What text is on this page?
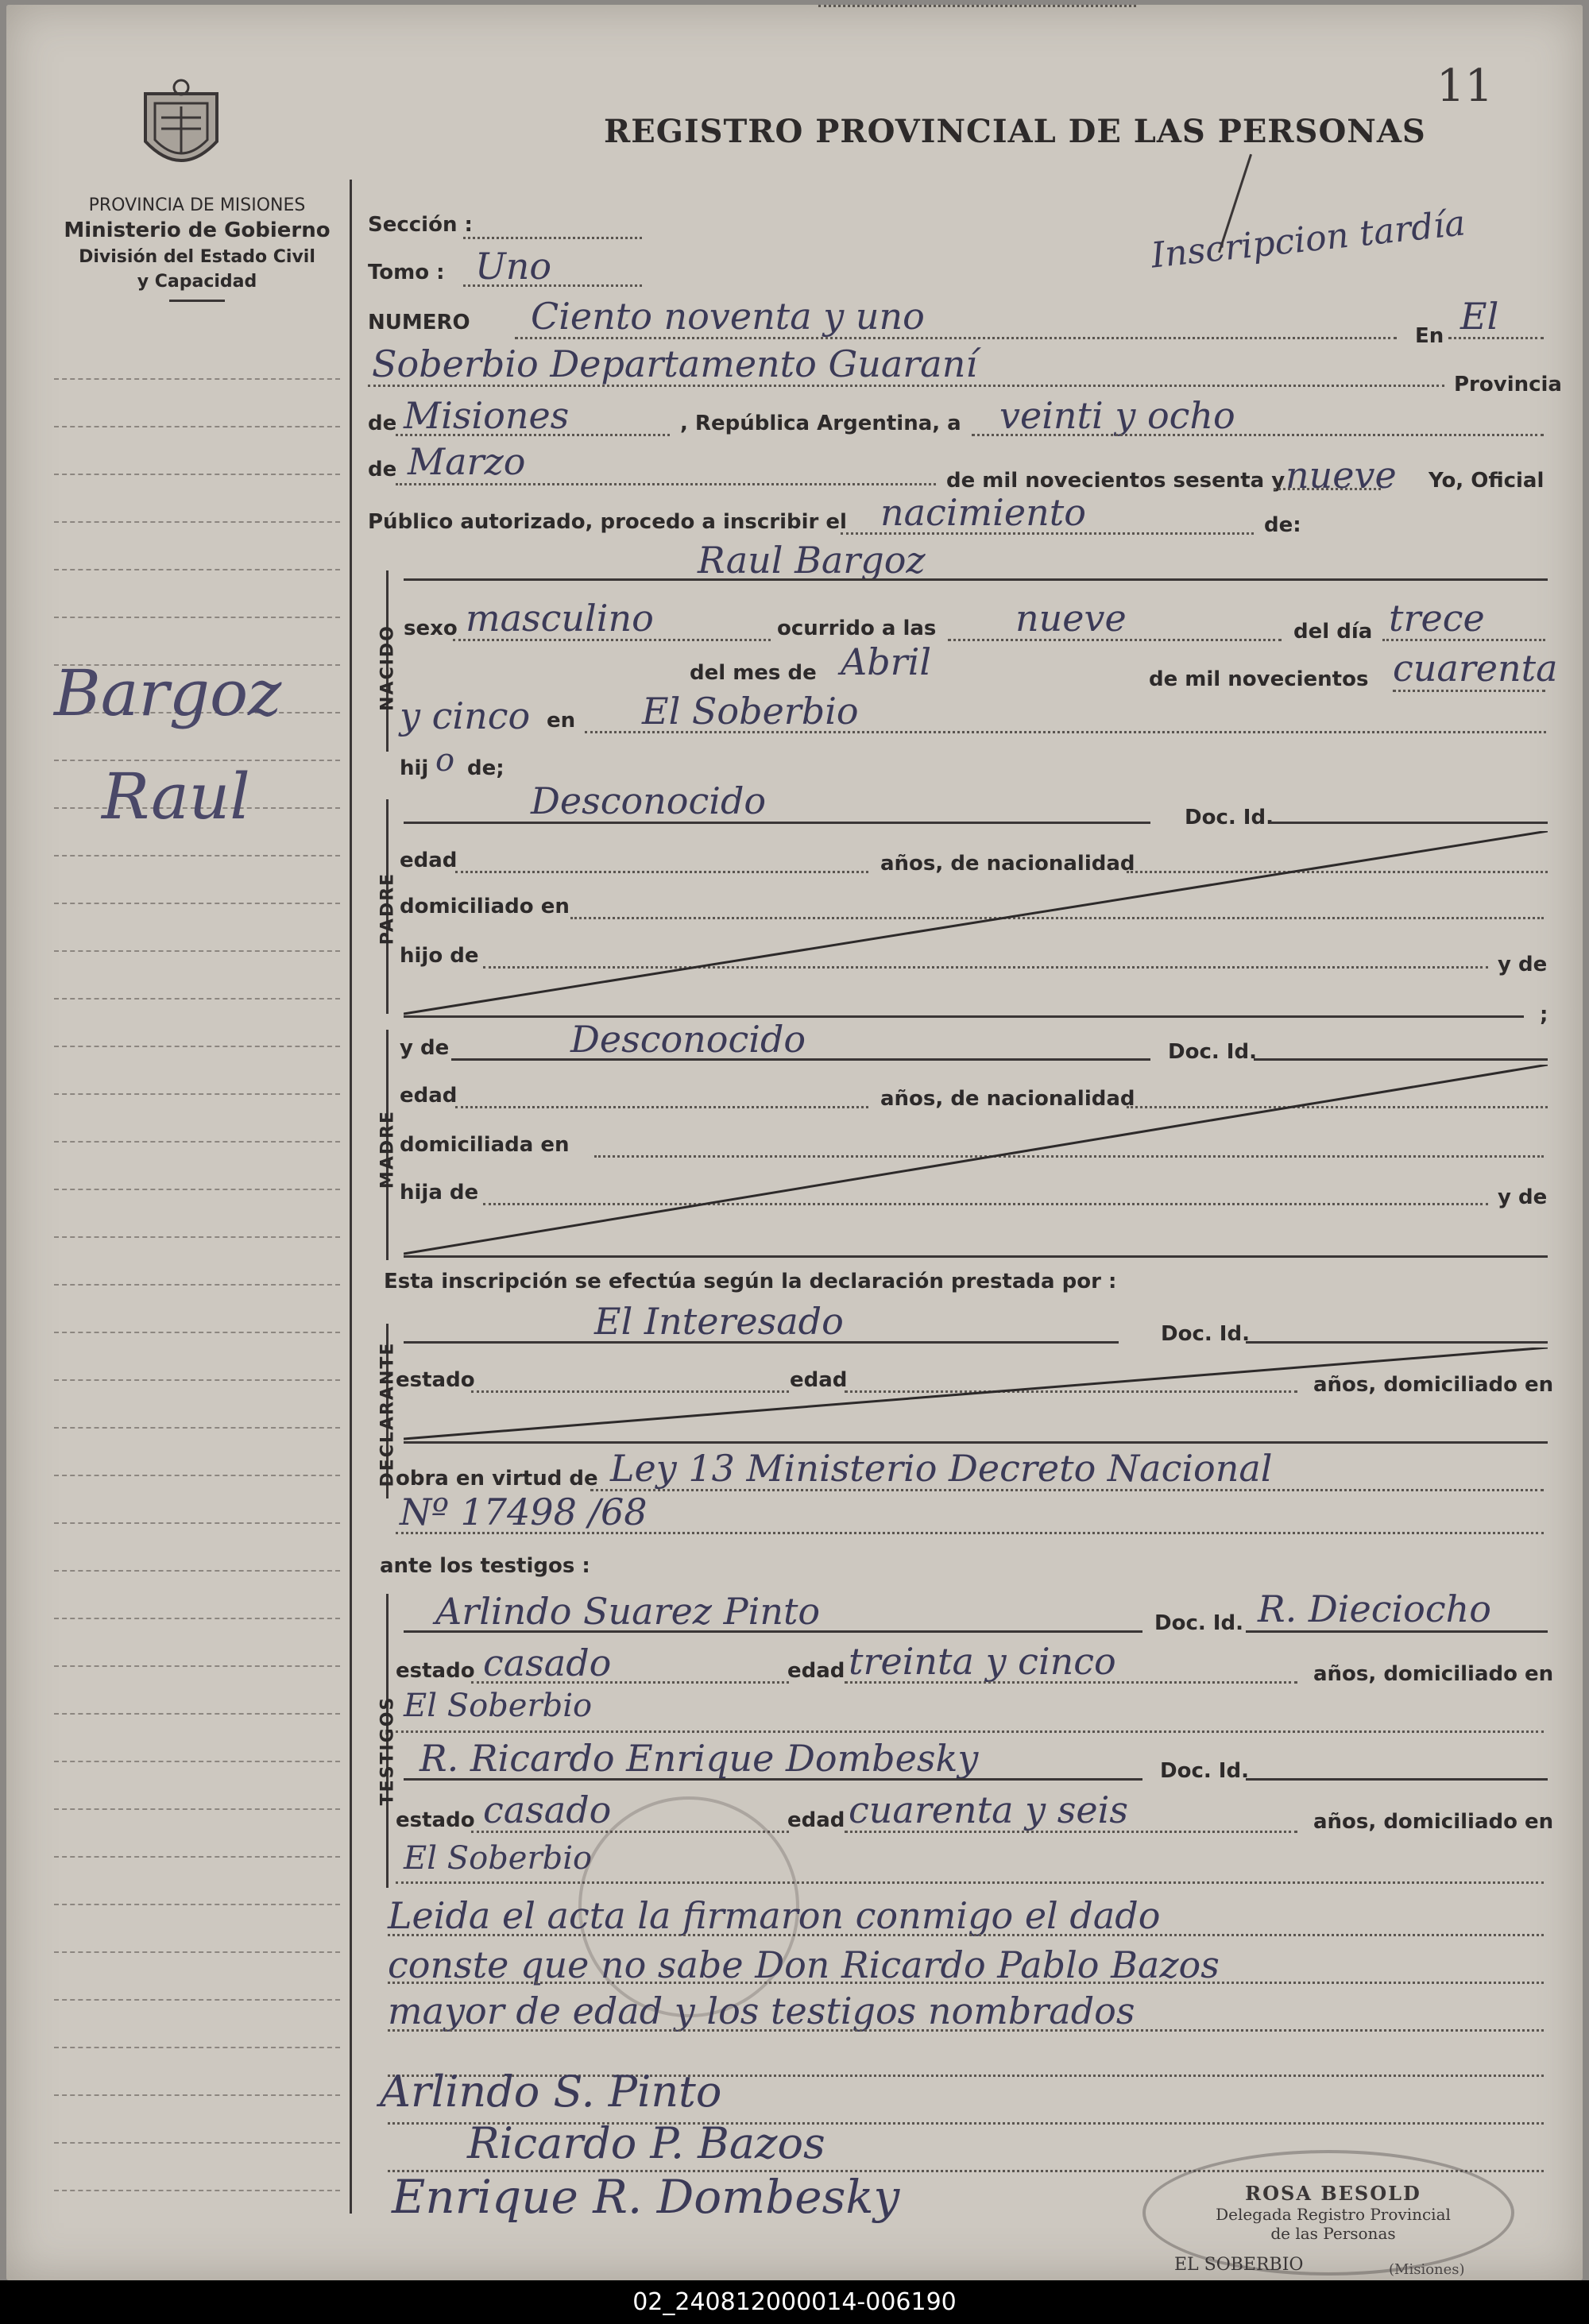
11
PROVINCIA DE MISIONES
Ministerio de Gobierno
División del Estado Civil
y Capacidad
REGISTRO PROVINCIAL DE LAS PERSONAS
Inscripcion tardía
Bargoz
Raul
Sección :
Tomo : Uno
NUMERO Ciento noventa y uno	En El
Soberbio Departamento Guaraní	Provincia
de Misiones	, República Argentina, a veinti y ocho
de Marzo	de mil novecientos sesenta y nueve Yo, Oficial
Público autorizado, procedo a inscribir el nacimiento	de:
NACIDO
Raul Bargoz
sexo masculino	ocurrido a las nueve	del día trece
del mes de Abril	de mil novecientos cuarenta
y cinco en El Soberbio
hij o de;
PADRE
Desconocido	Doc. Id.
edad	años, de nacionalidad
domiciliado en
hijo de	y de
;
MADRE
y de	Desconocido	Doc. Id.
edad	años, de nacionalidad
domiciliada en
hija de	y de
Esta inscripción se efectúa según la declaración prestada por :
DECLARANTE
El Interesado	Doc. Id.
estado	edad	años, domiciliado en
obra en virtud de Ley 13 Ministerio Decreto Nacional
Nº 17498 /68
ante los testigos :
TESTIGOS
Arlindo Suarez Pinto	Doc. Id. R. Dieciocho
estado casado	edad treinta y cinco	años, domiciliado en
El Soberbio
R. Ricardo Enrique Dombesky	Doc. Id.
estado casado	edad cuarenta y seis	años, domiciliado en
El Soberbio
Leida el acta la firmaron conmigo el dado
conste que no sabe Don Ricardo Pablo Bazos
mayor de edad y los testigos nombrados
Arlindo S. Pinto
Ricardo P. Bazos
Enrique R. Dombesky	ROSA BESOLD
Delegada Registro Provincial
de las Personas
EL SOBERBIO	(Misiones)
02_240812000014-006190
